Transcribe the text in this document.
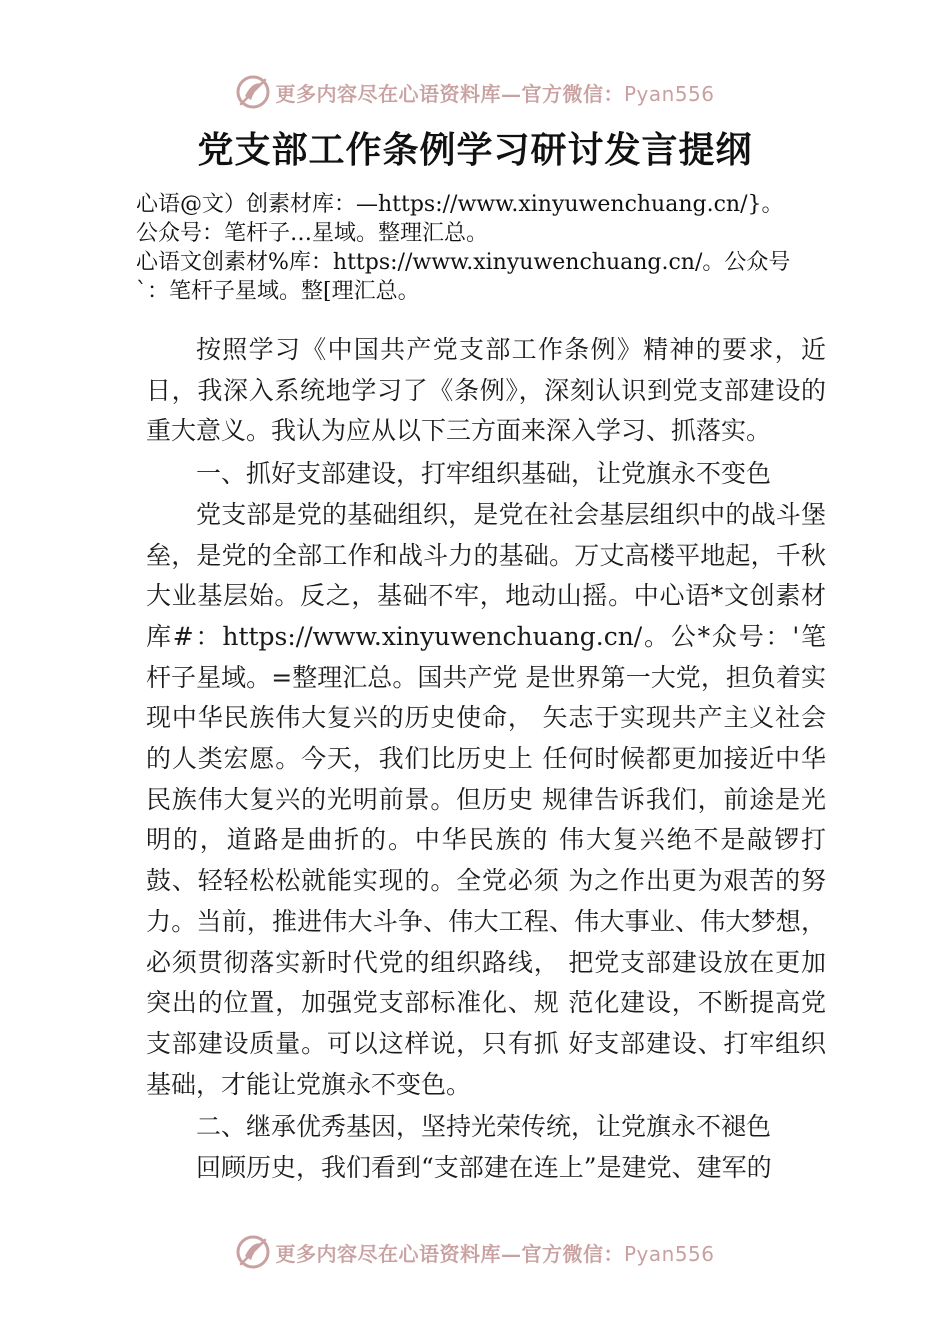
更多内容尽在心语资料库—官方微信：Pyan556
党支部工作条例学习研讨发言提纲
心语@文）创素材库：—https://www.xinyuwenchuang.cn/}。
公众号：笔杆子…星域。整理汇总。
心语文创素材%库：https://www.xinyuwenchuang.cn/。公众号
`：笔杆子星域。整[理汇总。

按照学习《中国共产党支部工作条例》精神的要求，近日，我深入系统地学习了《条例》，深刻认识到党支部建设的重大意义。我认为应从以下三方面来深入学习、抓落实。

一、抓好支部建设，打牢组织基础，让党旗永不变色

党支部是党的基础组织，是党在社会基层组织中的战斗堡垒，是党的全部工作和战斗力的基础。万丈高楼平地起，千秋大业基层始。反之，基础不牢，地动山摇。中心语*文创素材库#：https://www.xinyuwenchuang.cn/。公*众号：'笔杆子星域。=整理汇总。国共产党 是世界第一大党，担负着实现中华民族伟大复兴的历史使命， 矢志于实现共产主义社会的人类宏愿。今天，我们比历史上 任何时候都更加接近中华民族伟大复兴的光明前景。但历史 规律告诉我们，前途是光明的，道路是曲折的。中华民族的 伟大复兴绝不是敲锣打鼓、轻轻松松就能实现的。全党必须 为之作出更为艰苦的努力。当前，推进伟大斗争、伟大工程、伟大事业、伟大梦想，必须贯彻落实新时代党的组织路线， 把党支部建设放在更加突出的位置，加强党支部标准化、规 范化建设，不断提高党支部建设质量。可以这样说，只有抓 好支部建设、打牢组织基础，才能让党旗永不变色。

二、继承优秀基因，坚持光荣传统，让党旗永不褪色

回顾历史，我们看到“支部建在连上”是建党、建军的

更多内容尽在心语资料库—官方微信：Pyan556
